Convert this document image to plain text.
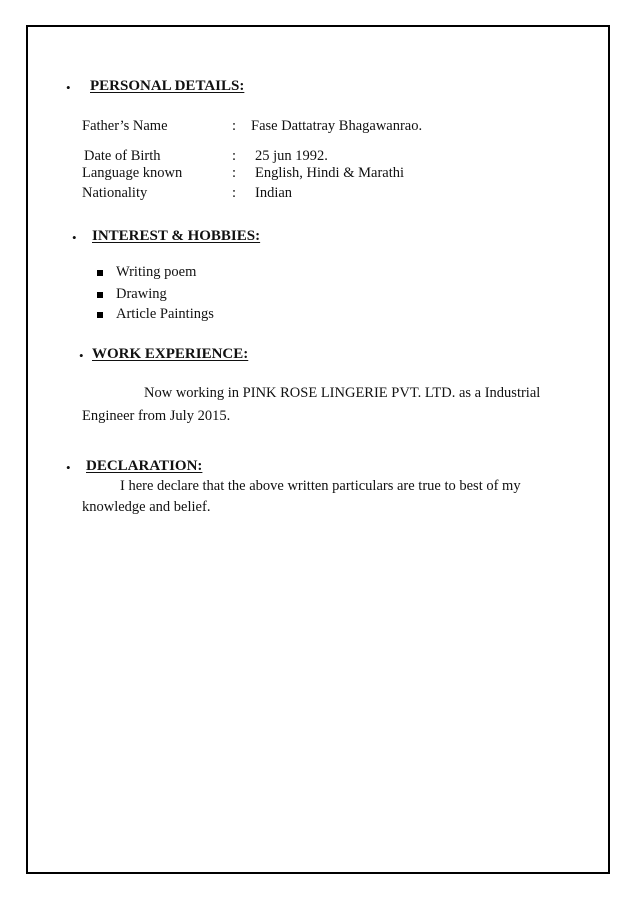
• PERSONAL DETAILS:
Father’s Name	: Fase Dattatray Bhagawanrao.
Date of Birth	: 25 jun 1992.
Language known	: English, Hindi & Marathi
Nationality	: Indian
• INTEREST & HOBBIES:
Writing poem
Drawing
Article Paintings
• WORK EXPERIENCE:
Now working in PINK ROSE LINGERIE PVT. LTD. as a Industrial
Engineer from July 2015.
• DECLARATION:
I here declare that the above written particulars are true to best of my
knowledge and belief.
